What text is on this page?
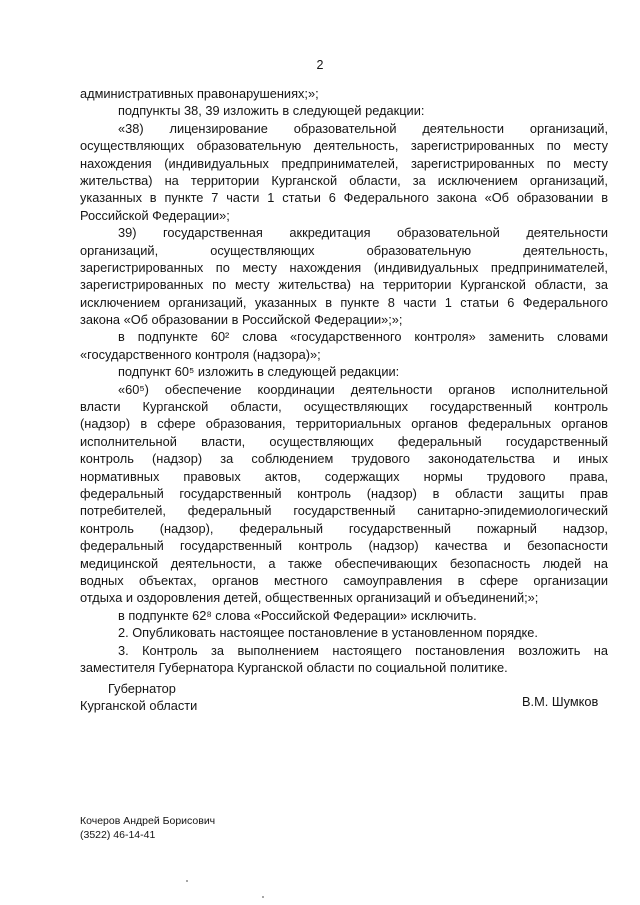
2
административных правонарушениях;»;
подпункты 38, 39 изложить в следующей редакции:
«38) лицензирование образовательной деятельности организаций,
осуществляющих образовательную деятельность, зарегистрированных по месту
нахождения (индивидуальных предпринимателей, зарегистрированных по месту
жительства) на территории Курганской области, за исключением организаций,
указанных в пункте 7 части 1 статьи 6 Федерального закона «Об образовании в
Российской Федерации»;
39) государственная аккредитация образовательной деятельности
организаций, осуществляющих образовательную деятельность,
зарегистрированных по месту нахождения (индивидуальных предпринимателей,
зарегистрированных по месту жительства) на территории Курганской области, за
исключением организаций, указанных в пункте 8 части 1 статьи 6 Федерального
закона «Об образовании в Российской Федерации»;»;
в подпункте 60² слова «государственного контроля» заменить словами
«государственного контроля (надзора)»;
подпункт 60⁵ изложить в следующей редакции:
«60⁵) обеспечение координации деятельности органов исполнительной
власти Курганской области, осуществляющих государственный контроль
(надзор) в сфере образования, территориальных органов федеральных органов
исполнительной власти, осуществляющих федеральный государственный
контроль (надзор) за соблюдением трудового законодательства и иных
нормативных правовых актов, содержащих нормы трудового права,
федеральный государственный контроль (надзор) в области защиты прав
потребителей, федеральный государственный санитарно-эпидемиологический
контроль (надзор), федеральный государственный пожарный надзор,
федеральный государственный контроль (надзор) качества и безопасности
медицинской деятельности, а также обеспечивающих безопасность людей на
водных объектах, органов местного самоуправления в сфере организации
отдыха и оздоровления детей, общественных организаций и объединений;»;
в подпункте 62⁸ слова «Российской Федерации» исключить.
2. Опубликовать настоящее постановление в установленном порядке.
3. Контроль за выполнением настоящего постановления возложить на
заместителя Губернатора Курганской области по социальной политике.
Губернатор
Курганской области	В.М. Шумков
Кочеров Андрей Борисович
(3522) 46-14-41
